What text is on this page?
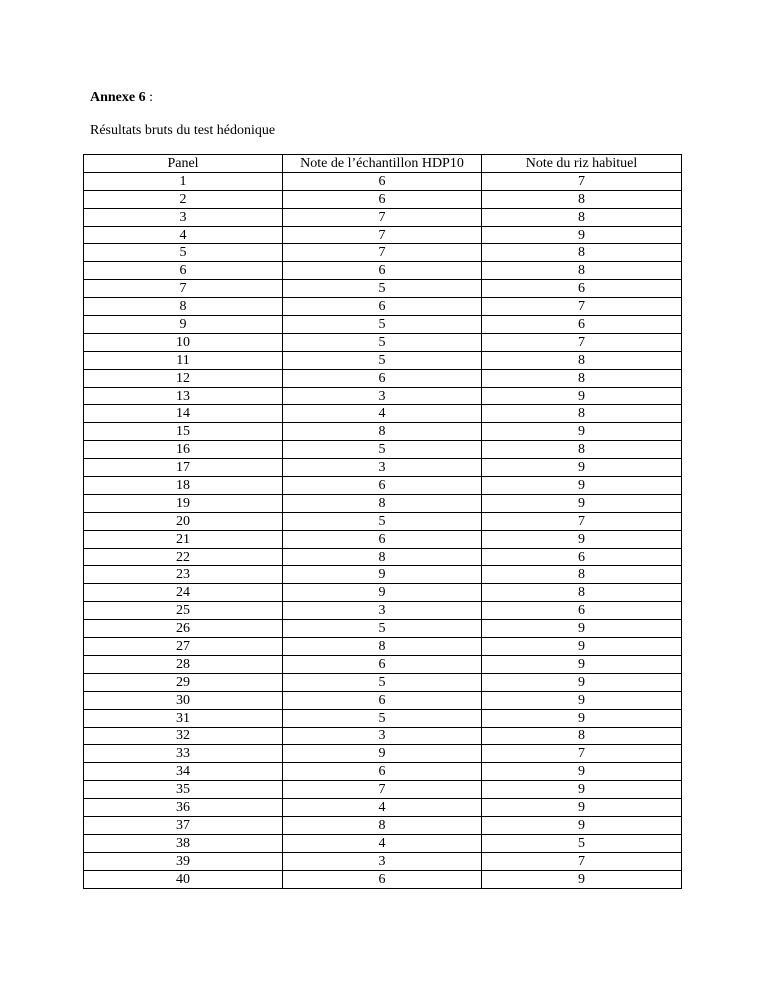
Annexe 6 :
Résultats bruts du test hédonique
Panel	Note de l’échantillon HDP10	Note du riz habituel
1	6	7
2	6	8
3	7	8
4	7	9
5	7	8
6	6	8
7	5	6
8	6	7
9	5	6
10	5	7
11	5	8
12	6	8
13	3	9
14	4	8
15	8	9
16	5	8
17	3	9
18	6	9
19	8	9
20	5	7
21	6	9
22	8	6
23	9	8
24	9	8
25	3	6
26	5	9
27	8	9
28	6	9
29	5	9
30	6	9
31	5	9
32	3	8
33	9	7
34	6	9
35	7	9
36	4	9
37	8	9
38	4	5
39	3	7
40	6	9
